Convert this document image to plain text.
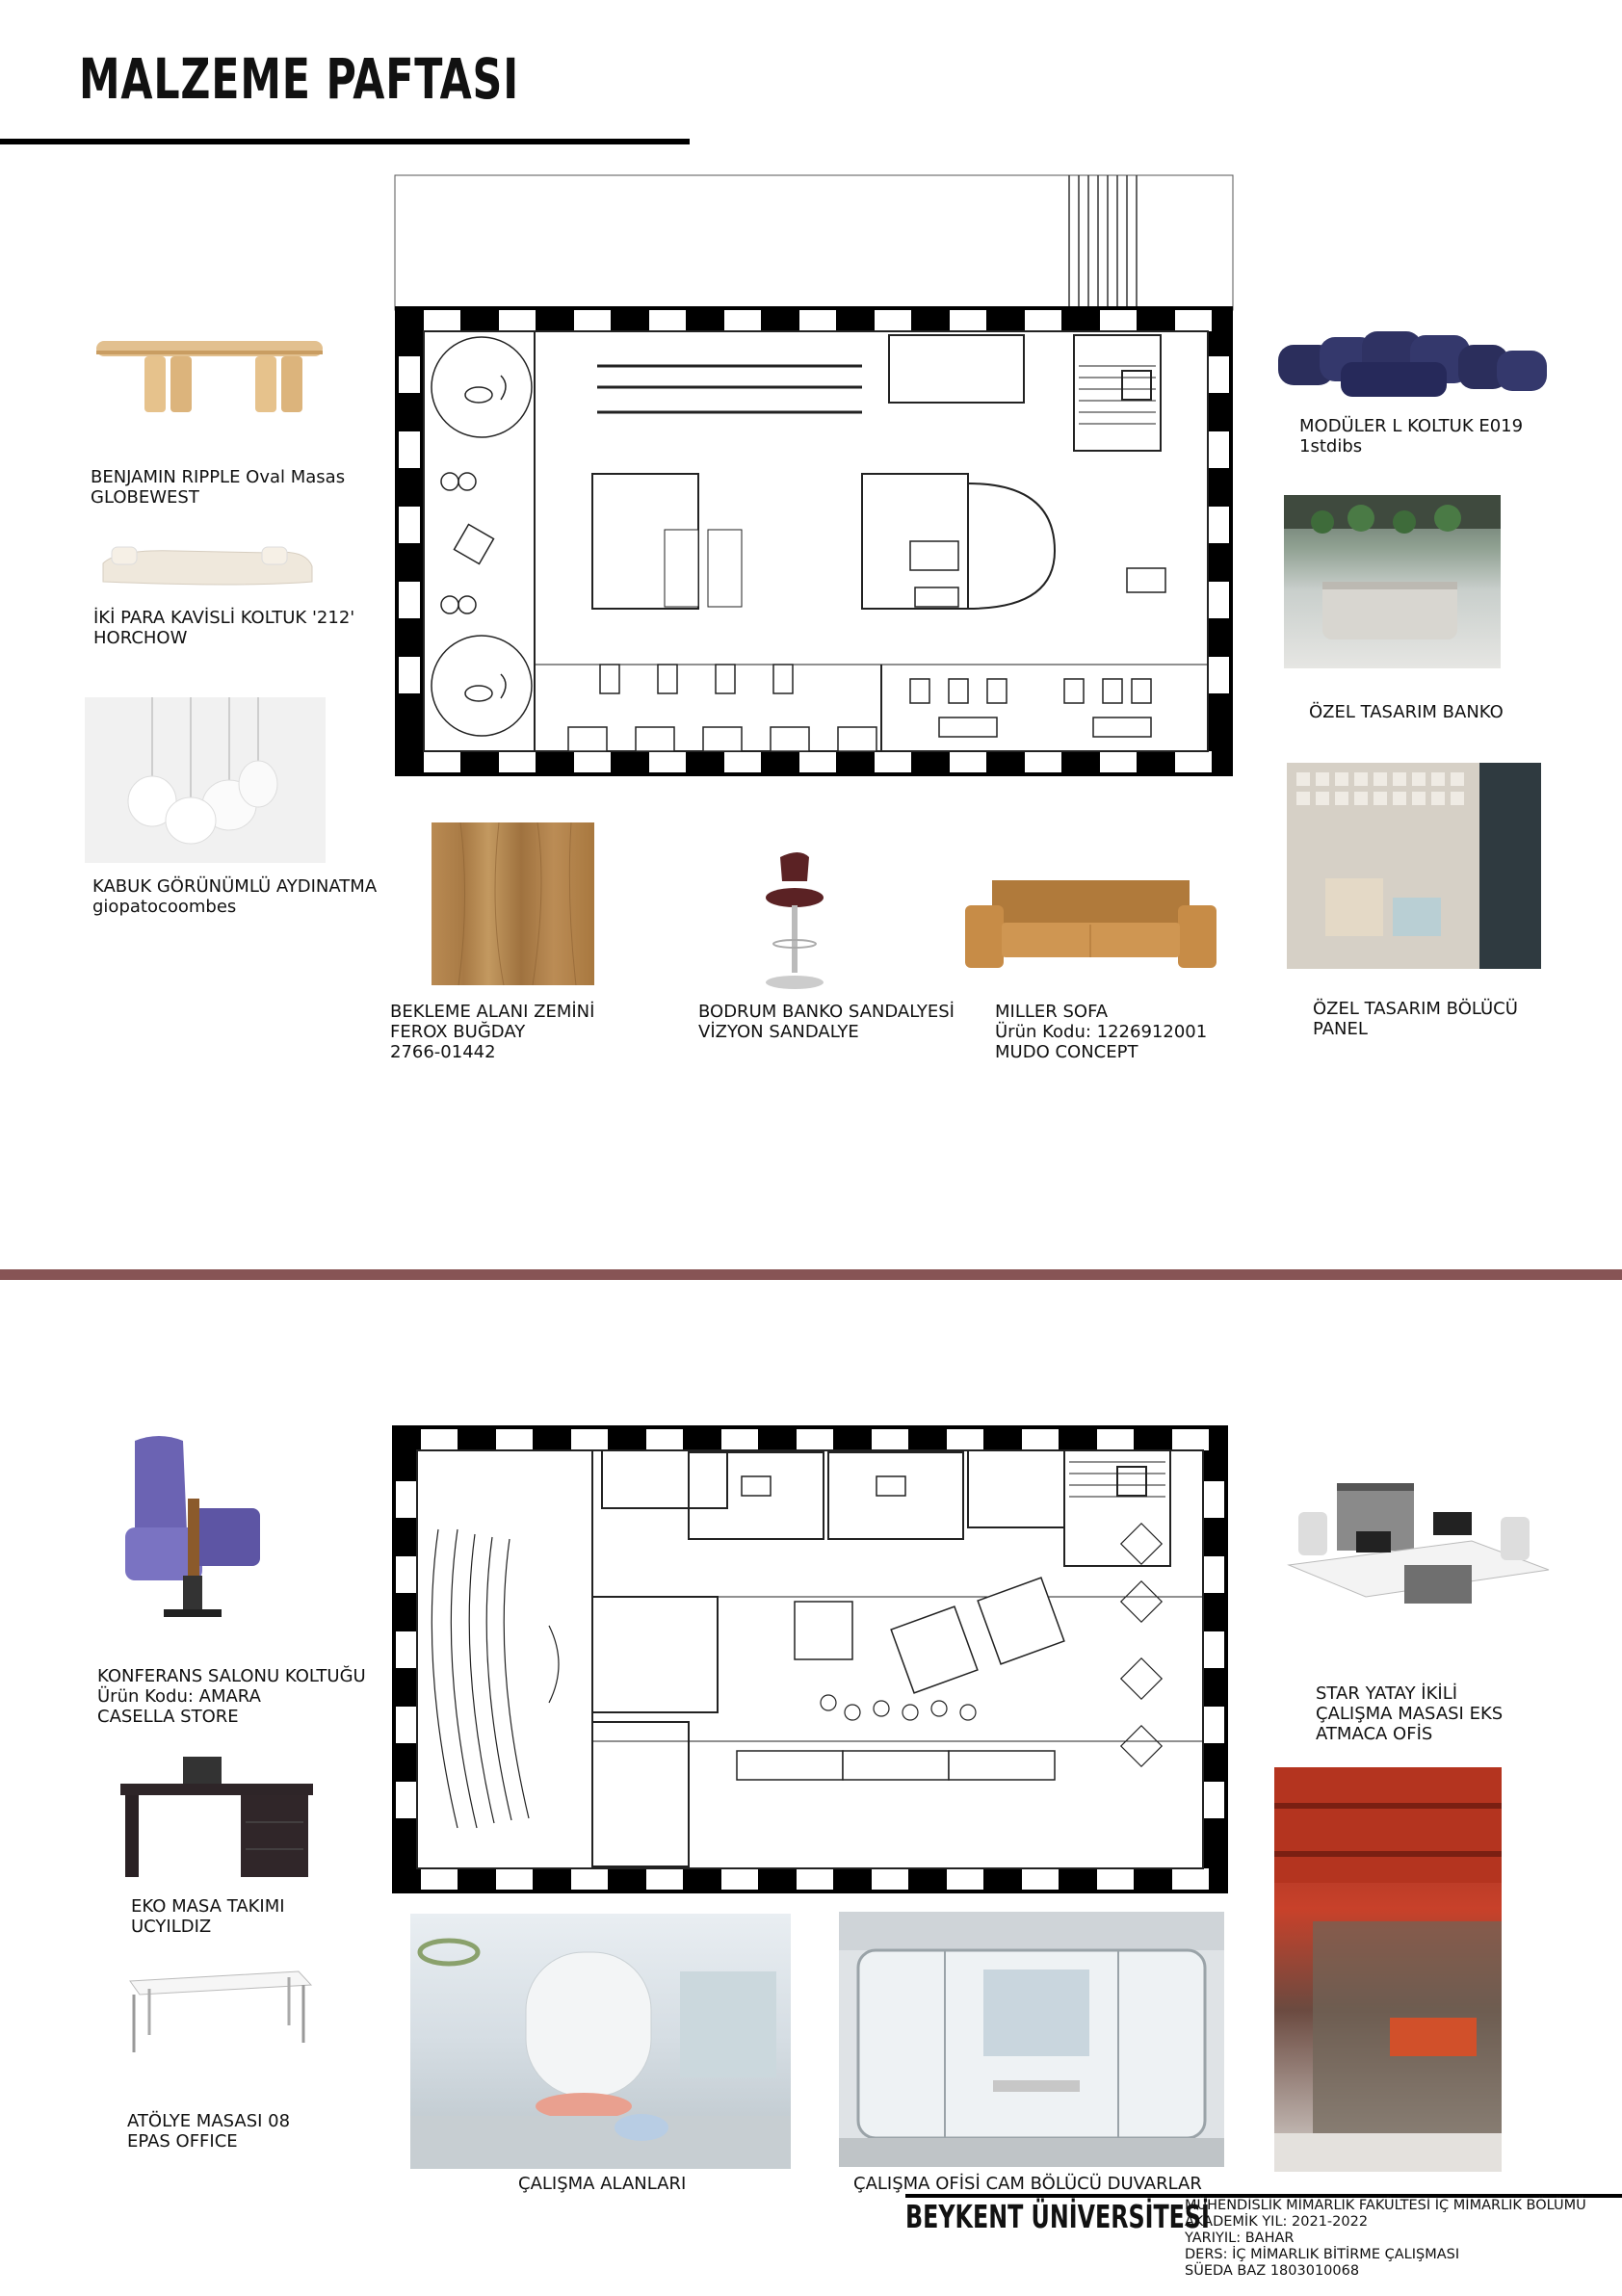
MALZEME PAFTASI
BENJAMIN RIPPLE Oval Masas
GLOBEWEST
İKİ PARA KAVİSLİ KOLTUK '212'
HORCHOW
KABUK GÖRÜNÜMLÜ AYDINATMA
giopatocoombes
BEKLEME ALANI ZEMİNİ
FEROX BUĞDAY
2766-01442
BODRUM BANKO SANDALYESİ
VİZYON SANDALYE
MILLER SOFA
Ürün Kodu: 1226912001
MUDO CONCEPT
MODÜLER L KOLTUK E019
1stdibs
ÖZEL TASARIM BANKO
ÖZEL TASARIM BÖLÜCÜ
PANEL
KONFERANS SALONU KOLTUĞU
Ürün Kodu: AMARA
CASELLA STORE
EKO MASA TAKIMI
UCYILDIZ
ATÖLYE MASASI 08
EPAS OFFICE
ÇALIŞMA ALANLARI	ÇALIŞMA OFİSİ CAM BÖLÜCÜ DUVARLAR
STAR YATAY İKİLİ
ÇALIŞMA MASASI EKS
ATMACA OFİS
BEYKENT ÜNİVERSİTESİ
MÜHENDİSLİK MİMARLIK FAKÜLTESİ İÇ MİMARLIK BÖLÜMÜ
AKADEMİK YIL: 2021-2022
YARIYIL: BAHAR
DERS: İÇ MİMARLIK BİTİRME ÇALIŞMASI
SÜEDA BAZ 1803010068
